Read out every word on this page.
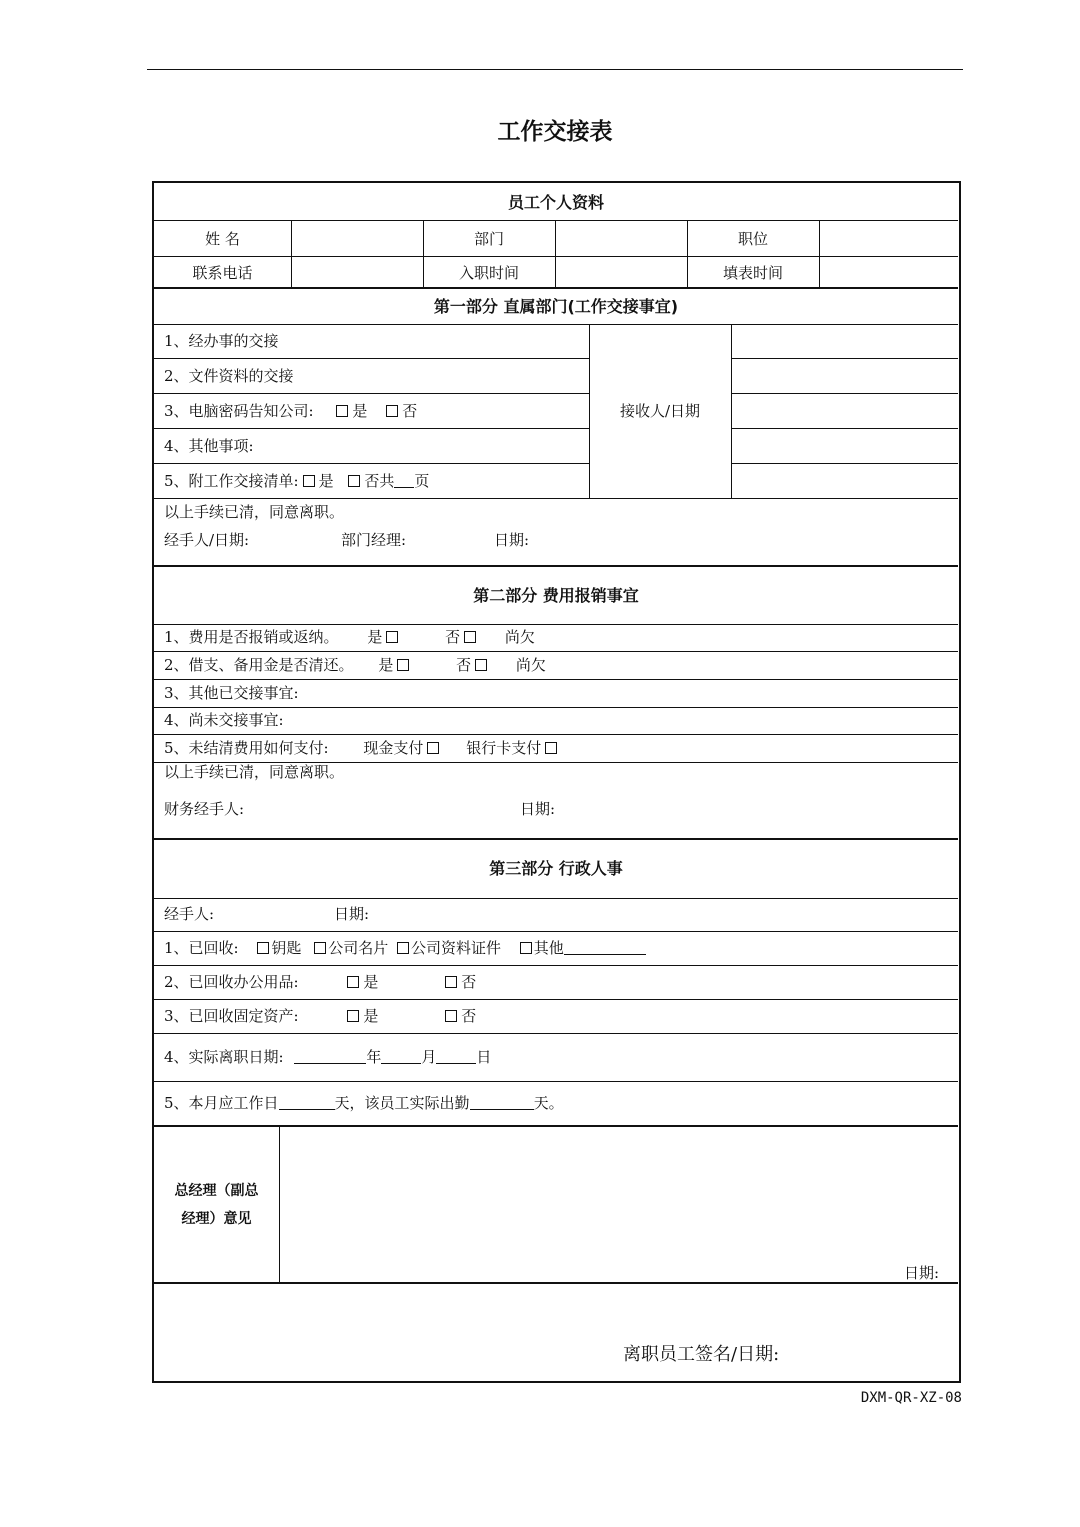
工作交接表
员工个人资料
姓 名	部门	职位
联系电话	入职时间	填表时间
第一部分 直属部门(工作交接事宜)
1、经办事的交接
2、文件资料的交接
3、电脑密码告知公司:	是 否
4、其他事项:
5、附工作交接清单: 是 否共 页
接收人/日期
以上手续已清，同意离职。
经手人/日期:	部门经理:	日期:
第二部分 费用报销事宜
1、费用是否报销或返纳。 是	否	尚欠
2、借支、备用金是否清还。 是	否	尚欠
3、其他已交接事宜:
4、尚未交接事宜:
5、未结清费用如何支付: 现金支付	银行卡支付
以上手续已清，同意离职。
财务经手人:	日期:
第三部分 行政人事
经手人:	日期:
1、已回收: 钥匙 公司名片 公司资料证件 其他
2、已回收办公用品:	是	否
3、已回收固定资产:	是	否
4、实际离职日期:	年	月	日
5、本月应工作日	天，该员工实际出勤	天。
总经理（副总
经理）意见
日期:
离职员工签名/日期:
DXM-QR-XZ-08
